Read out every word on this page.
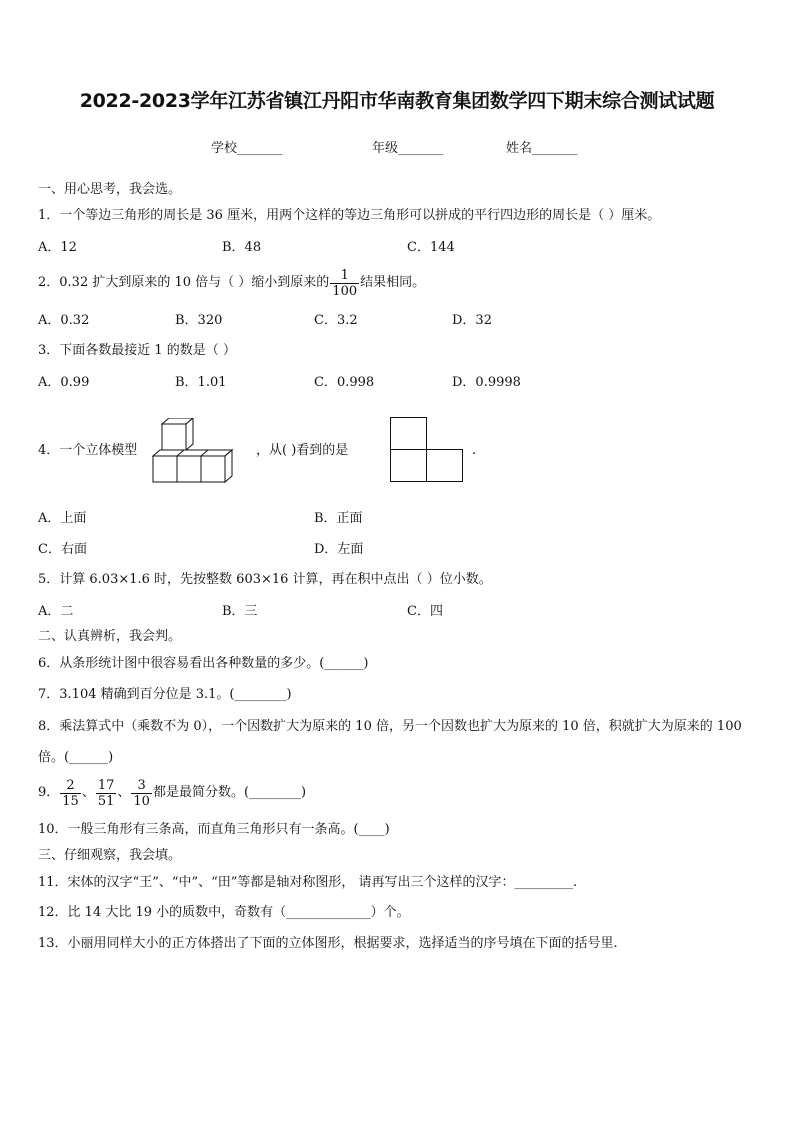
2022-2023学年江苏省镇江丹阳市华南教育集团数学四下期末综合测试试题
学校_______	年级_______	姓名_______
一、用心思考，我会选。
1．一个等边三角形的周长是 36 厘米，用两个这样的等边三角形可以拼成的平行四边形的周长是（ ）厘米。
A．12	B．48	C．144
2．0.32 扩大到原来的 10 倍与（ ）缩小到原来的 $\frac{1}{100}$ 结果相同。
A．0.32	B．320	C．3.2	D．32
3．下面各数最接近 1 的数是（ ）
A．0.99	B．1.01	C．0.998	D．0.9998
4．一个立体模型	，从( )看到的是	.
A．上面	B．正面
C．右面	D．左面
5．计算 6.03×1.6 时，先按整数 603×16 计算，再在积中点出（ ）位小数。
A．二	B．三	C．四
二、认真辨析，我会判。
6．从条形统计图中很容易看出各种数量的多少。(______)
7．3.104 精确到百分位是 3.1。(________)
8．乘法算式中（乘数不为 0），一个因数扩大为原来的 10 倍，另一个因数也扩大为原来的 10 倍，积就扩大为原来的 100
倍。(______)
9． $\frac{2}{15}$ 、 $\frac{17}{51}$ 、 $\frac{3}{10}$ 都是最简分数。(________)
10．一般三角形有三条高，而直角三角形只有一条高。(____)
三、仔细观察，我会填。
11．宋体的汉字“王”、“中”、“田”等都是轴对称图形， 请再写出三个这样的汉字：_________.
12．比 14 大比 19 小的质数中，奇数有（_____________）个。
13．小丽用同样大小的正方体搭出了下面的立体图形，根据要求，选择适当的序号填在下面的括号里.
